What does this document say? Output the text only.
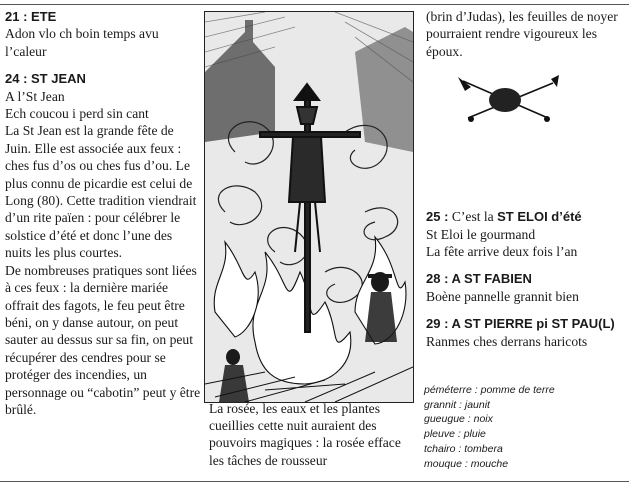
21 : ETE

Adon vlo ch boin temps avu

l’caleur

24 : ST JEAN

A l’St Jean

Ech coucou i perd sin cant

La St Jean est la grande fête de Juin. Elle est associée aux feux : ches fus d’os ou ches fus d’ou. Le plus connu de picardie est celui de Long (80). Cette tradition viendrait d’un rite païen : pour célébrer le solstice d’été et donc l’une des nuits les plus courtes.

De nombreuses pratiques sont liées à ces feux : la dernière mariée offrait des fagots, le feu peut être béni, on y danse autour, on peut sauter au dessus sur sa fin, on peut récupérer des cendres pour se protéger des incendies, un personnage ou “cabotin” peut y être brûlé.	La rosée, les eaux et les plantes cueillies cette nuit auraient des pouvoirs magiques : la rosée efface les tâches de rousseur

(brin d’Judas), les feuilles de noyer pourraient rendre vigoureux les époux.

25 : C’est la ST ELOI d’été

St Eloi le gourmand

La fête arrive deux fois l’an

28 : A ST FABIEN

Boène pannelle grannit bien

29 : A ST PIERRE pi ST PAU(L)

Ranmes ches derrans haricots

péméterre : pomme de terre
grannit : jaunit
gueugue : noix
pleuve : pluie
tchairo : tombera
mouque : mouche
